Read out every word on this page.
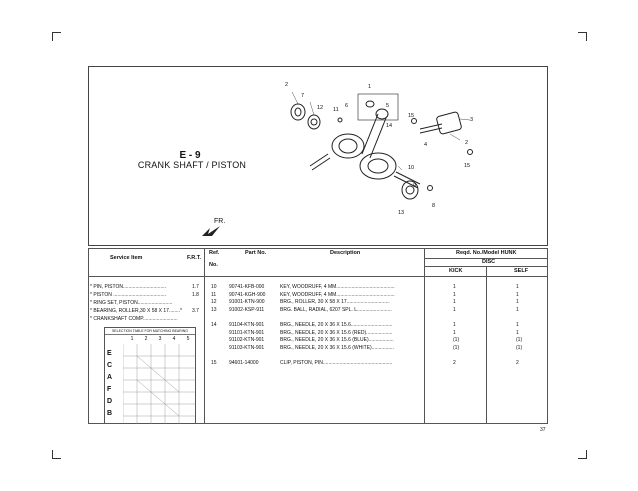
E - 9
CRANK SHAFT / PISTON
2
7
1
6	5
12 11
14
15
4
3
2
15
10
9
8
13
FR.
Service Item	F.R.T.
Ref.
No.
Part No.	Description	Reqd. No./Model HUNK
DISC
KICK	SELF
* PIN, PISTON...............................	1.7
* PISTON ......................................	1.8
* RING SET, PISTON.........................
* BEARING, ROLLER,30 X 58 X 17........* 3.7
* CRANKSHAFT COMP.........................
SELECTION TABLE FOR MATCHING BEARING
1 2 3 4 5
E
C
A
F
D
B
10 90741-KFB-000	KEY, WOODRUFF, 4 MM..........................................	1	1
11	90741-KGH-900	KEY, WOODRUFF, 4 MM..........................................	1	1
12 91001-KTN-900	BRG., ROLLER, 30 X 58 X 17...............................	1	1
13 91002-KSP-911	BRG. BALL, RADIAL, 6207 SPL. L.........................	1	1
14 91104-KTN-901	BRG., NEEDLE, 20 X 36 X 15.6..............................	1	1
91101-KTN-901	BRG., NEEDLE, 20 X 36 X 15.6 (RED)...................	1	1
91102-KTN-901	BRG., NEEDLE, 20 X 36 X 15.6 (BLUE)..................	(1)	(1)
91103-KTN-901	BRG., NEEDLE, 20 X 36 X 15.6 (WHITE)................	(1)	(1)
15 94601-14000	CLIP, PISTON, PIN..................................................	2	2
37
